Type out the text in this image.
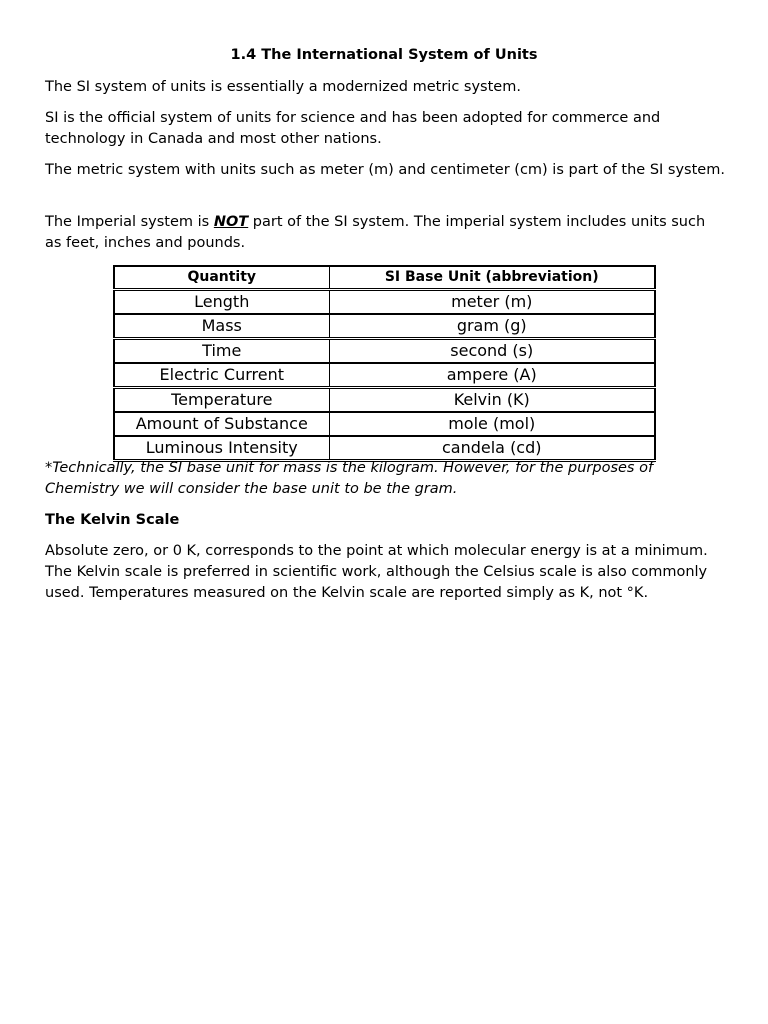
1.4 The International System of Units

The SI system of units is essentially a modernized metric system.

SI is the official system of units for science and has been adopted for commerce and technology in Canada and most other nations.

The metric system with units such as meter (m) and centimeter (cm) is part of the SI system.

The Imperial system is NOT part of the SI system. The imperial system includes units such as feet, inches and pounds.

Quantity	SI Base Unit (abbreviation)
Length	meter (m)
Mass	gram (g)
Time	second (s)
Electric Current	ampere (A)
Temperature	Kelvin (K)
Amount of Substance	mole (mol)
Luminous Intensity	candela (cd)

*Technically, the SI base unit for mass is the kilogram. However, for the purposes of Chemistry we will consider the base unit to be the gram.

The Kelvin Scale

Absolute zero, or 0 K, corresponds to the point at which molecular energy is at a minimum. The Kelvin scale is preferred in scientific work, although the Celsius scale is also commonly used. Temperatures measured on the Kelvin scale are reported simply as K, not °K.
